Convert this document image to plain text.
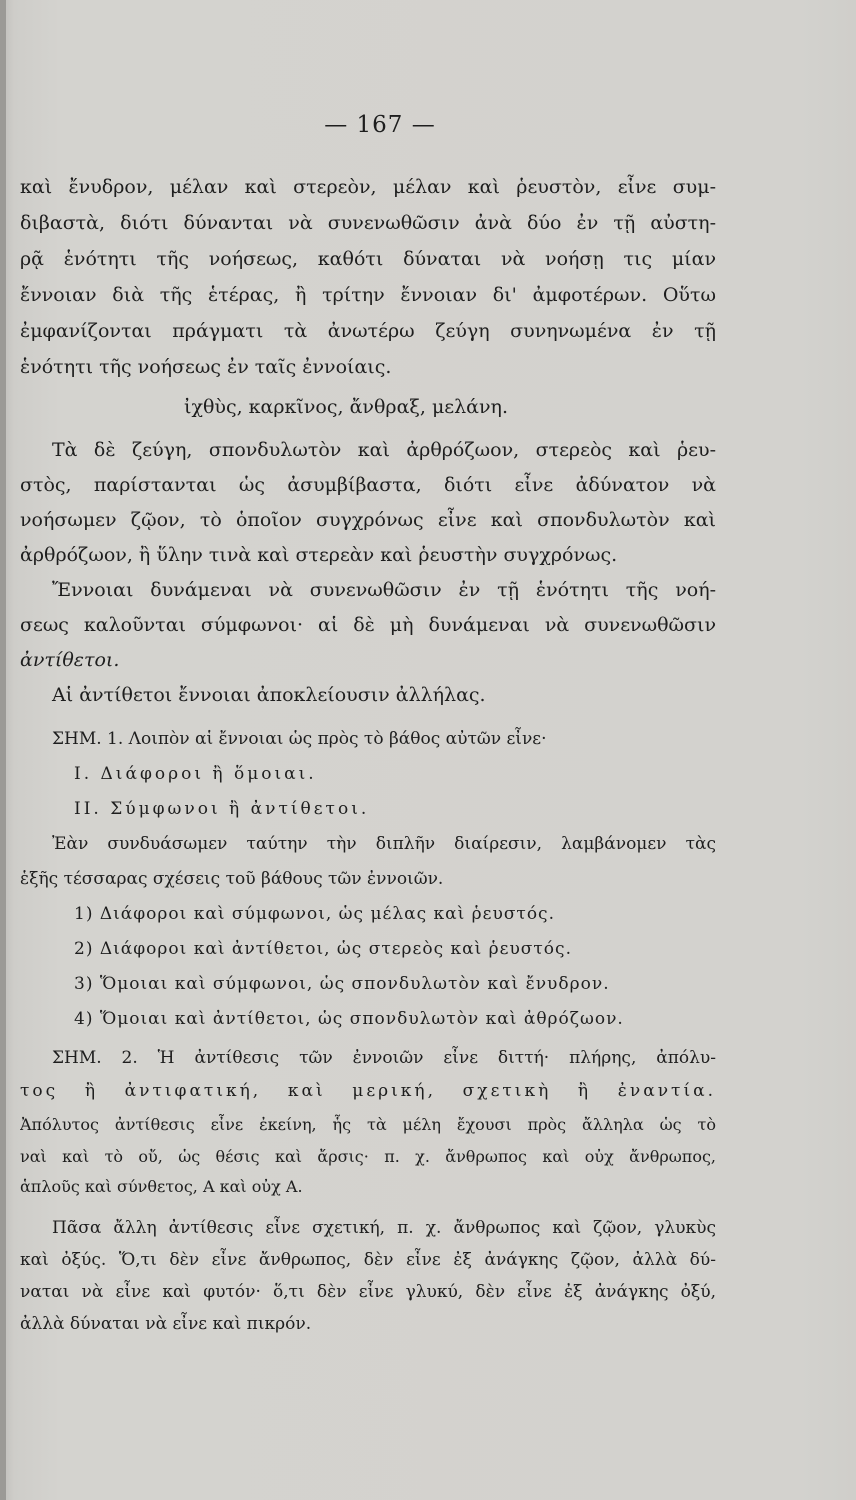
— 167 —
καὶ ἔνυδρον, μέλαν καὶ στερεὸν, μέλαν καὶ ῥευστὸν, εἶνε συμ-
διβαστὰ, διότι δύνανται νὰ συνενωθῶσιν ἀνὰ δύο ἐν τῇ αὐστη-
ρᾷ ἑνότητι τῆς νοήσεως, καθότι δύναται νὰ νοήσῃ τις μίαν
ἔννοιαν διὰ τῆς ἑτέρας, ἢ τρίτην ἔννοιαν δι' ἀμφοτέρων. Οὕτω
ἐμφανίζονται πράγματι τὰ ἀνωτέρω ζεύγη συνηνωμένα ἐν τῇ
ἑνότητι τῆς νοήσεως ἐν ταῖς ἐννοίαις.
ἰχθὺς, καρκῖνος, ἄνθραξ, μελάνη.
Τὰ δὲ ζεύγη, σπονδυλωτὸν καὶ ἀρθρόζωον, στερεὸς καὶ ῥευ-
στὸς, παρίστανται ὡς ἀσυμβίβαστα, διότι εἶνε ἀδύνατον νὰ
νοήσωμεν ζῷον, τὸ ὁποῖον συγχρόνως εἶνε καὶ σπονδυλωτὸν καὶ
ἀρθρόζωον, ἢ ὕλην τινὰ καὶ στερεὰν καὶ ῥευστὴν συγχρόνως.
Ἔννοιαι δυνάμεναι νὰ συνενωθῶσιν ἐν τῇ ἑνότητι τῆς νοή-
σεως καλοῦνται σύμφωνοι· αἱ δὲ μὴ δυνάμεναι νὰ συνενωθῶσιν
ἀντίθετοι.
Αἱ ἀντίθετοι ἔννοιαι ἀποκλείουσιν ἀλλήλας.
ΣΗΜ. 1. Λοιπὸν αἱ ἔννοιαι ὡς πρὸς τὸ βάθος αὐτῶν εἶνε·
Ι. Διάφοροι ἢ ὅμοιαι.
ΙΙ. Σύμφωνοι ἢ ἀντίθετοι.
Ἐὰν συνδυάσωμεν ταύτην τὴν διπλῆν διαίρεσιν, λαμβάνομεν τὰς
ἑξῆς τέσσαρας σχέσεις τοῦ βάθους τῶν ἐννοιῶν.
1) Διάφοροι καὶ σύμφωνοι, ὡς μέλας καὶ ῥευστός.
2) Διάφοροι καὶ ἀντίθετοι, ὡς στερεὸς καὶ ῥευστός.
3) Ὅμοιαι καὶ σύμφωνοι, ὡς σπονδυλωτὸν καὶ ἔνυδρον.
4) Ὅμοιαι καὶ ἀντίθετοι, ὡς σπονδυλωτὸν καὶ ἀθρόζωον.
ΣΗΜ. 2. Ἡ ἀντίθεσις τῶν ἐννοιῶν εἶνε διττή· πλήρης, ἀπόλυ-
τος ἢ ἀντιφατική, καὶ μερική, σχετικὴ ἢ ἐναντία.
Ἀπόλυτος ἀντίθεσις εἶνε ἐκείνη, ἧς τὰ μέλη ἔχουσι πρὸς ἄλληλα ὡς τὸ
ναὶ καὶ τὸ οὔ, ὡς θέσις καὶ ἄρσις· π. χ. ἄνθρωπος καὶ οὐχ ἄνθρωπος,
ἁπλοῦς καὶ σύνθετος, Α καὶ οὐχ Α.
Πᾶσα ἄλλη ἀντίθεσις εἶνε σχετική, π. χ. ἄνθρωπος καὶ ζῷον, γλυκὺς
καὶ ὀξύς. Ὅ,τι δὲν εἶνε ἄνθρωπος, δὲν εἶνε ἐξ ἀνάγκης ζῷον, ἀλλὰ δύ-
ναται νὰ εἶνε καὶ φυτόν· ὅ,τι δὲν εἶνε γλυκύ, δὲν εἶνε ἐξ ἀνάγκης ὀξύ,
ἀλλὰ δύναται νὰ εἶνε καὶ πικρόν.
